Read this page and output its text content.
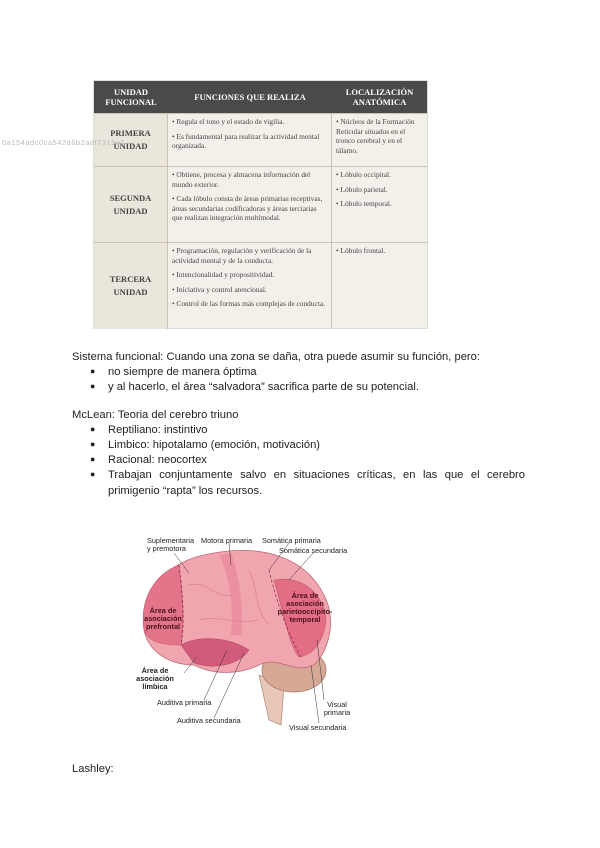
UNIDAD FUNCIONAL	FUNCIONES QUE REALIZA	LOCALIZACIÓN ANATÓMICA
PRIMERA UNIDAD

• Regula el tono y el estado de vigilia.

• Es fundamental para realizar la actividad mental organizada.

• Núcleos de la Formación Reticular situados en el tronco cerebral y en el tálamo.

SEGUNDA UNIDAD

• Obtiene, procesa y almacena información del mundo exterior.

• Cada lóbulo consta de áreas primarias receptivas, áreas secundarias codificadoras y áreas terciarias que realizan integración multimodal.

• Lóbulo occipital.

• Lóbulo parietal.

• Lóbulo temporal.

TERCERA UNIDAD

• Programación, regulación y verificación de la actividad mental y de la conducta.

• Intencionalidad y propositividad.

• Iniciativa y control atencional.

• Control de las formas más complejas de conducta.

• Lóbulo frontal.

0a154adc0ca542d6b2adf7319e1
Sistema funcional: Cuando una zona se daña, otra puede asumir su función, pero:
● no siempre de manera óptima
● y al hacerlo, el área “salvadora” sacrifica parte de su potencial.
McLean: Teoria del cerebro triuno
● Reptiliano: instintivo
● Limbico: hipotalamo (emoción, motivación)
● Racional: neocortex
● Trabajan conjuntamente salvo en situaciones críticas, en las que el cerebro primigenio “rapta” los recursos.
Suplementaria y premotora
Motora primaria Somática primaria
Somática secundaria
Área de asociación prefrontal
Área de asociación parietooccipito-temporal
Área de asociación límbica
Auditiva primaria
Auditiva secundaria
Visual primaria
Visual secundaria
Lashley:
